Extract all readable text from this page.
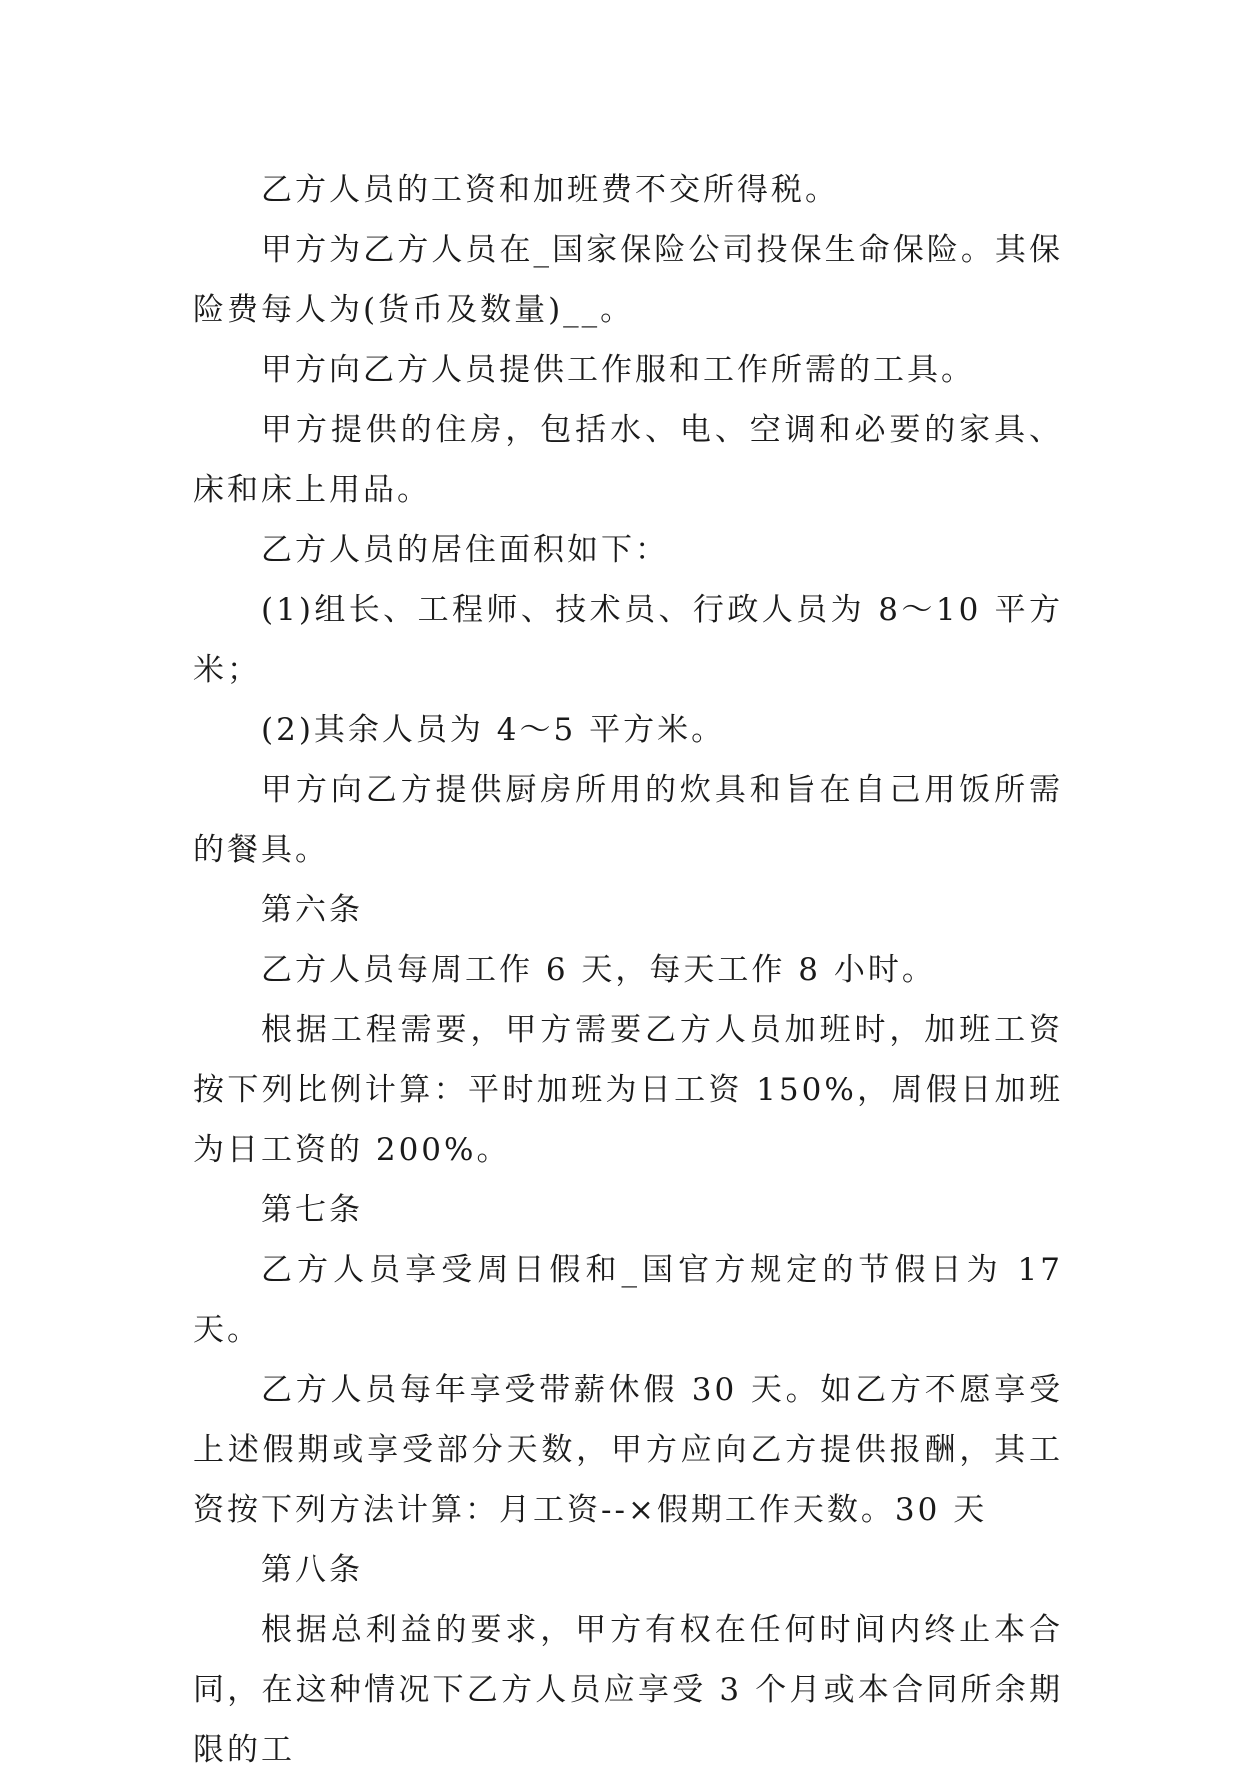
乙方人员的工资和加班费不交所得税。

甲方为乙方人员在_国家保险公司投保生命保险。其保险费每人为(货币及数量)__。

甲方向乙方人员提供工作服和工作所需的工具。

甲方提供的住房，包括水、电、空调和必要的家具、床和床上用品。

乙方人员的居住面积如下：

(1)组长、工程师、技术员、行政人员为 8～10 平方米；

(2)其余人员为 4～5 平方米。

甲方向乙方提供厨房所用的炊具和旨在自己用饭所需的餐具。

第六条

乙方人员每周工作 6 天，每天工作 8 小时。

根据工程需要，甲方需要乙方人员加班时，加班工资按下列比例计算：平时加班为日工资 150%，周假日加班为日工资的 200%。

第七条

乙方人员享受周日假和_国官方规定的节假日为 17 天。

乙方人员每年享受带薪休假 30 天。如乙方不愿享受上述假期或享受部分天数，甲方应向乙方提供报酬，其工资按下列方法计算：月工资--×假期工作天数。30 天

第八条

根据总利益的要求，甲方有权在任何时间内终止本合同，在这种情况下乙方人员应享受 3 个月或本合同所余期限的工
